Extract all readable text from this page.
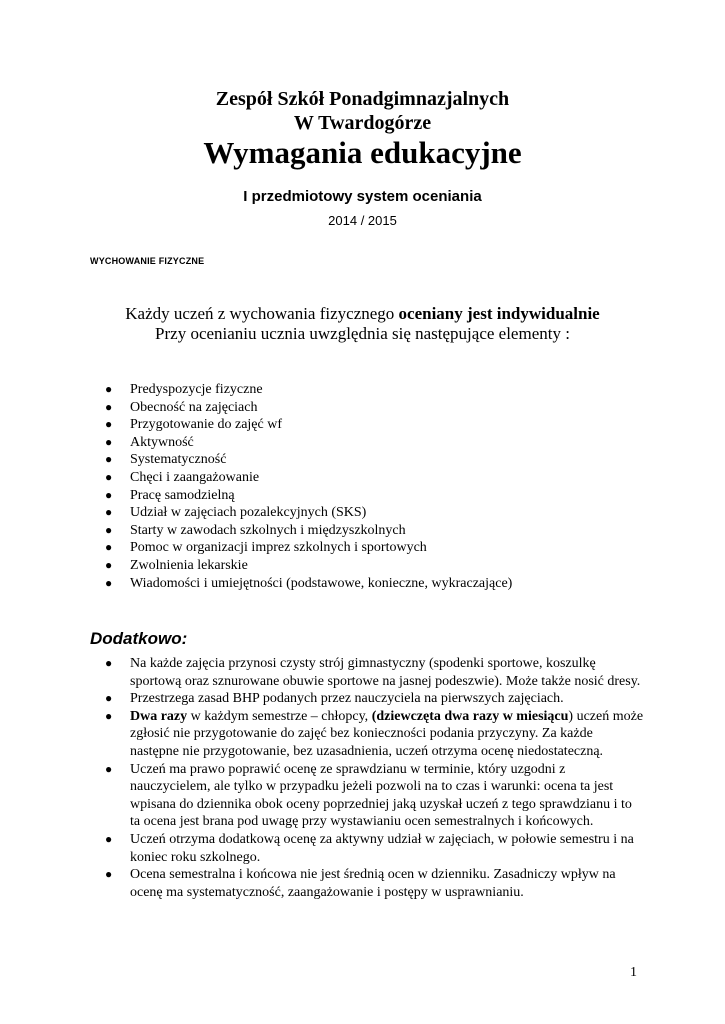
Zespół Szkół Ponadgimnazjalnych
W Twardogórze
Wymagania edukacyjne
I przedmiotowy system oceniania
2014 / 2015
WYCHOWANIE FIZYCZNE
Każdy uczeń z wychowania fizycznego oceniany jest indywidualnie
Przy ocenianiu ucznia uwzględnia się następujące elementy :
● Predyspozycje fizyczne
● Obecność na zajęciach
● Przygotowanie do zajęć wf
● Aktywność
● Systematyczność
● Chęci i zaangażowanie
● Pracę samodzielną
● Udział w zajęciach pozalekcyjnych (SKS)
● Starty w zawodach szkolnych i międzyszkolnych
● Pomoc w organizacji imprez szkolnych i sportowych
● Zwolnienia lekarskie
● Wiadomości i umiejętności (podstawowe, konieczne, wykraczające)
Dodatkowo:
● Na każde zajęcia przynosi czysty strój gimnastyczny (spodenki sportowe, koszulkę sportową oraz sznurowane obuwie sportowe na jasnej podeszwie). Może także nosić dresy.
● Przestrzega zasad BHP podanych przez nauczyciela na pierwszych zajęciach.
● Dwa razy w każdym semestrze – chłopcy, (dziewczęta dwa razy w miesiącu) uczeń może zgłosić nie przygotowanie do zajęć bez konieczności podania przyczyny. Za każde następne nie przygotowanie, bez uzasadnienia, uczeń otrzyma ocenę niedostateczną.
● Uczeń ma prawo poprawić ocenę ze sprawdzianu w terminie, który uzgodni z nauczycielem, ale tylko w przypadku jeżeli pozwoli na to czas i warunki: ocena ta jest wpisana do dziennika obok oceny poprzedniej jaką uzyskał uczeń z tego sprawdzianu i to ta ocena jest brana pod uwagę przy wystawianiu ocen semestralnych i końcowych.
● Uczeń otrzyma dodatkową ocenę za aktywny udział w zajęciach, w połowie semestru i na koniec roku szkolnego.
● Ocena semestralna i końcowa nie jest średnią ocen w dzienniku. Zasadniczy wpływ na ocenę ma systematyczność, zaangażowanie i postępy w usprawnianiu.
1
